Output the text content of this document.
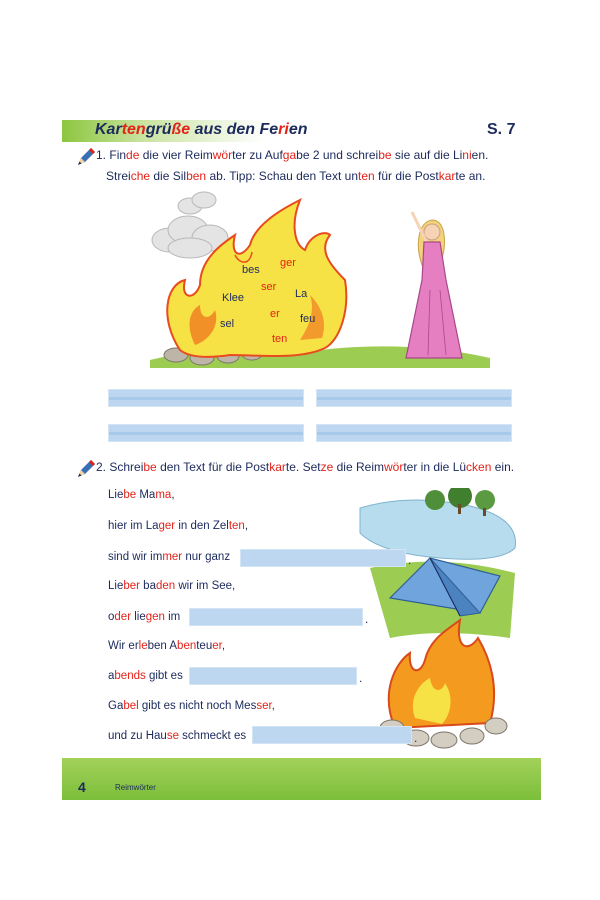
Kartengrüße aus den Ferien	S. 7
1. Finde die vier Reimwörter zu Aufgabe 2 und schreibe sie auf die Linien.
Streiche die Silben ab. Tipp: Schau den Text unten für die Postkarte an.
bes
ger
ser
La
Klee
er feu
sel
ten
2. Schreibe den Text für die Postkarte. Setze die Reimwörter in die Lücken ein.
Liebe Mama,
hier im Lager in den Zelten,
sind wir immer nur ganz	.
Lieber baden wir im See,
oder liegen im	.
Wir erleben Abenteuer,
abends gibt es	.
Gabel gibt es nicht noch Messer,
und zu Hause schmeckt es	.
4	Reimwörter
